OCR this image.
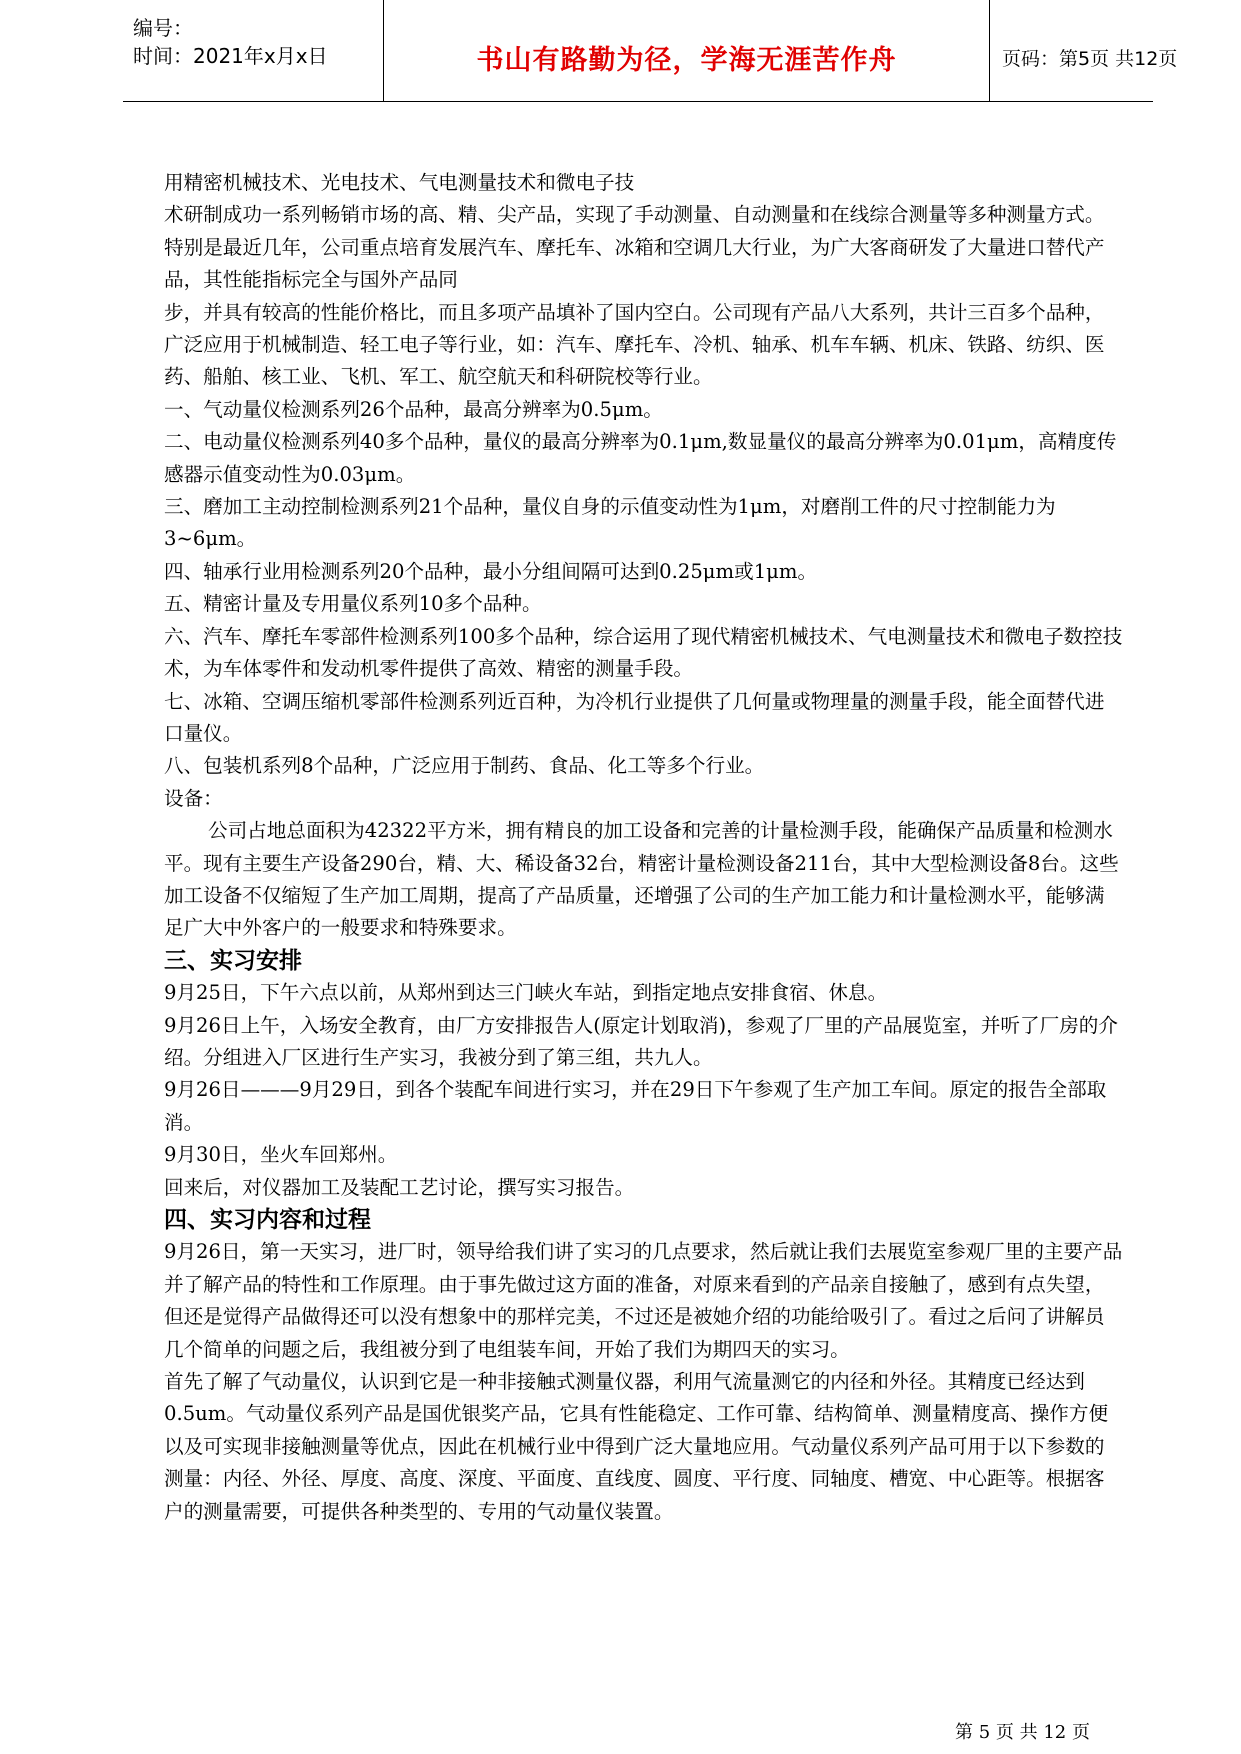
编号：
时间：2021年x月x日	书山有路勤为径，学海无涯苦作舟	页码：第5页 共12页

用精密机械技术、光电技术、气电测量技术和微电子技

术研制成功一系列畅销市场的高、精、尖产品，实现了手动测量、自动测量和在线综合测量等多种测量方式。特别是最近几年，公司重点培育发展汽车、摩托车、冰箱和空调几大行业，为广大客商研发了大量进口替代产品，其性能指标完全与国外产品同

步，并具有较高的性能价格比，而且多项产品填补了国内空白。公司现有产品八大系列，共计三百多个品种，广泛应用于机械制造、轻工电子等行业，如：汽车、摩托车、冷机、轴承、机车车辆、机床、铁路、纺织、医药、船舶、核工业、飞机、军工、航空航天和科研院校等行业。

一、气动量仪检测系列26个品种，最高分辨率为0.5μm。

二、电动量仪检测系列40多个品种，量仪的最高分辨率为0.1μm,数显量仪的最高分辨率为0.01μm，高精度传感器示值变动性为0.03μm。

三、磨加工主动控制检测系列21个品种，量仪自身的示值变动性为1μm，对磨削工件的尺寸控制能力为3~6μm。

四、轴承行业用检测系列20个品种，最小分组间隔可达到0.25μm或1μm。

五、精密计量及专用量仪系列10多个品种。

六、汽车、摩托车零部件检测系列100多个品种，综合运用了现代精密机械技术、气电测量技术和微电子数控技术，为车体零件和发动机零件提供了高效、精密的测量手段。

七、冰箱、空调压缩机零部件检测系列近百种，为冷机行业提供了几何量或物理量的测量手段，能全面替代进口量仪。

八、包装机系列8个品种，广泛应用于制药、食品、化工等多个行业。

设备：

公司占地总面积为42322平方米，拥有精良的加工设备和完善的计量检测手段，能确保产品质量和检测水平。现有主要生产设备290台，精、大、稀设备32台，精密计量检测设备211台，其中大型检测设备8台。这些加工设备不仅缩短了生产加工周期，提高了产品质量，还增强了公司的生产加工能力和计量检测水平，能够满足广大中外客户的一般要求和特殊要求。

三、实习安排

9月25日，下午六点以前，从郑州到达三门峡火车站，到指定地点安排食宿、休息。

9月26日上午，入场安全教育，由厂方安排报告人(原定计划取消)，参观了厂里的产品展览室，并听了厂房的介绍。分组进入厂区进行生产实习，我被分到了第三组，共九人。

9月26日———9月29日，到各个装配车间进行实习，并在29日下午参观了生产加工车间。原定的报告全部取消。

9月30日，坐火车回郑州。

回来后，对仪器加工及装配工艺讨论，撰写实习报告。

四、实习内容和过程

9月26日，第一天实习，进厂时，领导给我们讲了实习的几点要求，然后就让我们去展览室参观厂里的主要产品并了解产品的特性和工作原理。由于事先做过这方面的准备，对原来看到的产品亲自接触了，感到有点失望，但还是觉得产品做得还可以没有想象中的那样完美，不过还是被她介绍的功能给吸引了。看过之后问了讲解员几个简单的问题之后，我组被分到了电组装车间，开始了我们为期四天的实习。

首先了解了气动量仪，认识到它是一种非接触式测量仪器，利用气流量测它的内径和外径。其精度已经达到0.5um。气动量仪系列产品是国优银奖产品，它具有性能稳定、工作可靠、结构简单、测量精度高、操作方便以及可实现非接触测量等优点，因此在机械行业中得到广泛大量地应用。气动量仪系列产品可用于以下参数的测量：内径、外径、厚度、高度、深度、平面度、直线度、圆度、平行度、同轴度、槽宽、中心距等。根据客户的测量需要，可提供各种类型的、专用的气动量仪装置。

第 5 页 共 12 页
